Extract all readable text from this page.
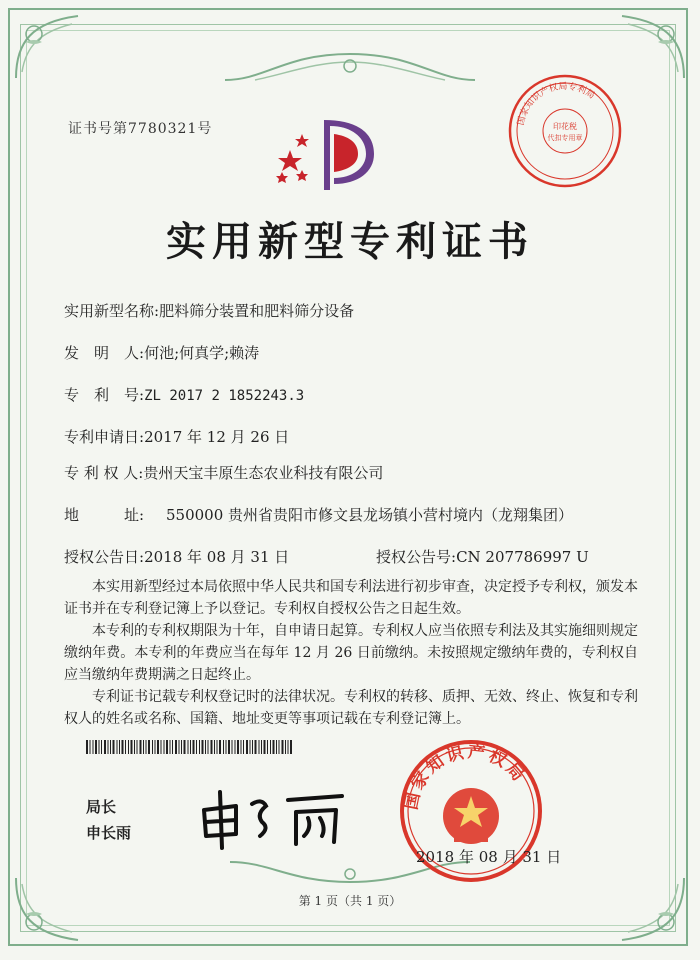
证书号第7780321号
国家知识产权局专利局
印花税
代扣专用章
实用新型专利证书
实用新型名称:肥料筛分装置和肥料筛分设备
发　明　人:何池;何真学;赖涛
专　利　号:ZL 2017 2 1852243.3
专利申请日:2017 年 12 月 26 日
专 利 权 人:贵州天宝丰原生态农业科技有限公司
地　　　址: 550000 贵州省贵阳市修文县龙场镇小营村境内（龙翔集团）
授权公告日:2018 年 08 月 31 日	授权公告号:CN 207786997 U

本实用新型经过本局依照中华人民共和国专利法进行初步审查，决定授予专利权，颁发本证书并在专利登记簿上予以登记。专利权自授权公告之日起生效。

本专利的专利权期限为十年，自申请日起算。专利权人应当依照专利法及其实施细则规定缴纳年费。本专利的年费应当在每年 12 月 26 日前缴纳。未按照规定缴纳年费的，专利权自应当缴纳年费期满之日起终止。

专利证书记载专利权登记时的法律状况。专利权的转移、质押、无效、终止、恢复和专利权人的姓名或名称、国籍、地址变更等事项记载在专利登记簿上。

局长
申长雨
国家知识产权局
2018 年 08 月 31 日
第 1 页（共 1 页）
